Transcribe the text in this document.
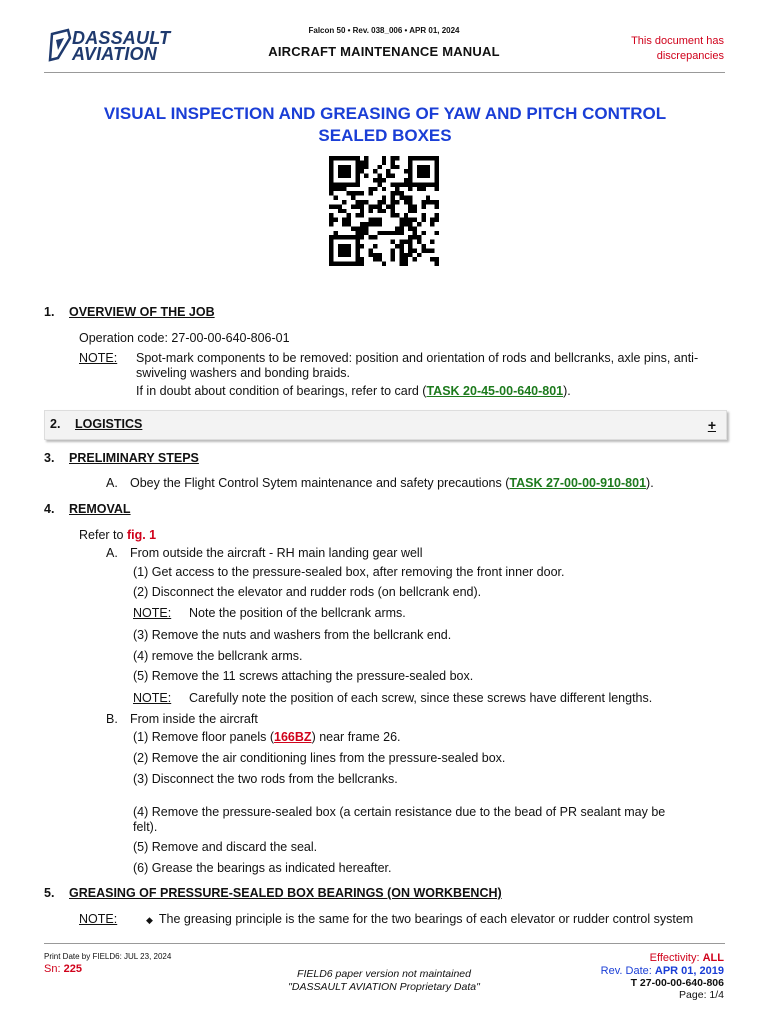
DASSAULT
AVIATION
Falcon 50 • Rev. 038_006 • APR 01, 2024
AIRCRAFT MAINTENANCE MANUAL
This document has
discrepancies
VISUAL INSPECTION AND GREASING OF YAW AND PITCH CONTROL
SEALED BOXES
1. OVERVIEW OF THE JOB
Operation code: 27-00-00-640-806-01
NOTE: Spot-mark components to be removed: position and orientation of rods and bellcranks, axle pins, anti-
swiveling washers and bonding braids.
If in doubt about condition of bearings, refer to card (TASK 20-45-00-640-801).
2. LOGISTICS	+
3. PRELIMINARY STEPS
A. Obey the Flight Control Sytem maintenance and safety precautions (TASK 27-00-00-910-801).
4. REMOVAL
Refer to fig. 1
A. From outside the aircraft - RH main landing gear well
(1) Get access to the pressure-sealed box, after removing the front inner door.
(2) Disconnect the elevator and rudder rods (on bellcrank end).
NOTE: Note the position of the bellcrank arms.
(3) Remove the nuts and washers from the bellcrank end.
(4) remove the bellcrank arms.
(5) Remove the 11 screws attaching the pressure-sealed box.
NOTE: Carefully note the position of each screw, since these screws have different lengths.
B. From inside the aircraft
(1) Remove floor panels (166BZ) near frame 26.
(2) Remove the air conditioning lines from the pressure-sealed box.
(3) Disconnect the two rods from the bellcranks.
(4) Remove the pressure-sealed box (a certain resistance due to the bead of PR sealant may be
felt).
(5) Remove and discard the seal.
(6) Grease the bearings as indicated hereafter.
5. GREASING OF PRESSURE-SEALED BOX BEARINGS (ON WORKBENCH)
NOTE:	◆ The greasing principle is the same for the two bearings of each elevator or rudder control system
Print Date by FIELD6: JUL 23, 2024
Sn: 225	FIELD6 paper version not maintained
"DASSAULT AVIATION Proprietary Data"
Effectivity: ALL
Rev. Date: APR 01, 2019
T 27-00-00-640-806
Page: 1/4
